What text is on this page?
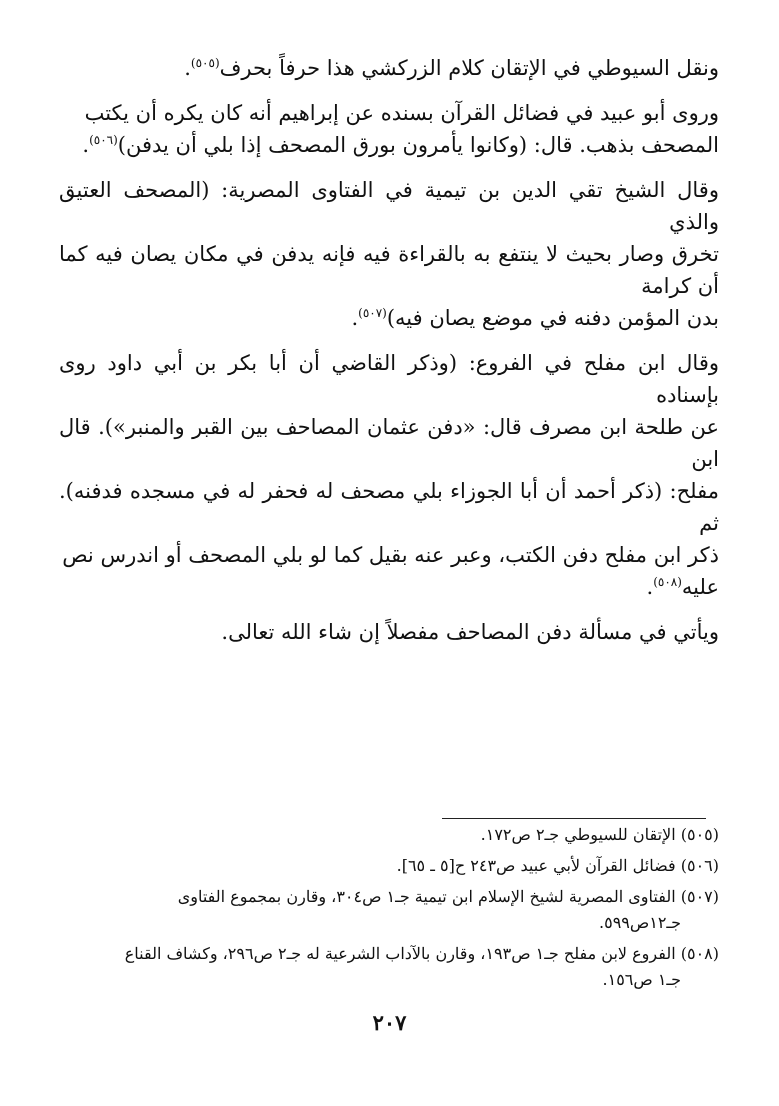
ونقل السيوطي في الإتقان كلام الزركشي هذا حرفاً بحرف$^{(٥٠٥)}$.

وروى أبو عبيد في فضائل القرآن بسنده عن إبراهيم أنه كان يكره أن يكتب
المصحف بذهب. قال: (وكانوا يأمرون بورق المصحف إذا بلي أن يدفن)$^{(٥٠٦)}$.

وقال الشيخ تقي الدين بن تيمية في الفتاوى المصرية: (المصحف العتيق والذي
تخرق وصار بحيث لا ينتفع به بالقراءة فيه فإنه يدفن في مكان يصان فيه كما أن كرامة
بدن المؤمن دفنه في موضع يصان فيه)$^{(٥٠٧)}$.

وقال ابن مفلح في الفروع: (وذكر القاضي أن أبا بكر بن أبي داود روى بإسناده
عن طلحة ابن مصرف قال: «دفن عثمان المصاحف بين القبر والمنبر»). قال ابن
مفلح: (ذكر أحمد أن أبا الجوزاء بلي مصحف له فحفر له في مسجده فدفنه). ثم
ذكر ابن مفلح دفن الكتب، وعبر عنه بقيل كما لو بلي المصحف أو اندرس نص
عليه$^{(٥٠٨)}$.

ويأتي في مسألة دفن المصاحف مفصلاً إن شاء الله تعالى.

(٥٠٥) الإتقان للسيوطي جـ٢ ص١٧٢.

(٥٠٦) فضائل القرآن لأبي عبيد ص٢٤٣ ح[٥ ـ ٦٥].

(٥٠٧) الفتاوى المصرية لشيخ الإسلام ابن تيمية جـ١ ص٣٠٤، وقارن بمجموع الفتاوى
جـ١٢ص٥٩٩.

(٥٠٨) الفروع لابن مفلح جـ١ ص١٩٣، وقارن بالآداب الشرعية له جـ٢ ص٢٩٦، وكشاف القناع
جـ١ ص١٥٦.

٢٠٧
